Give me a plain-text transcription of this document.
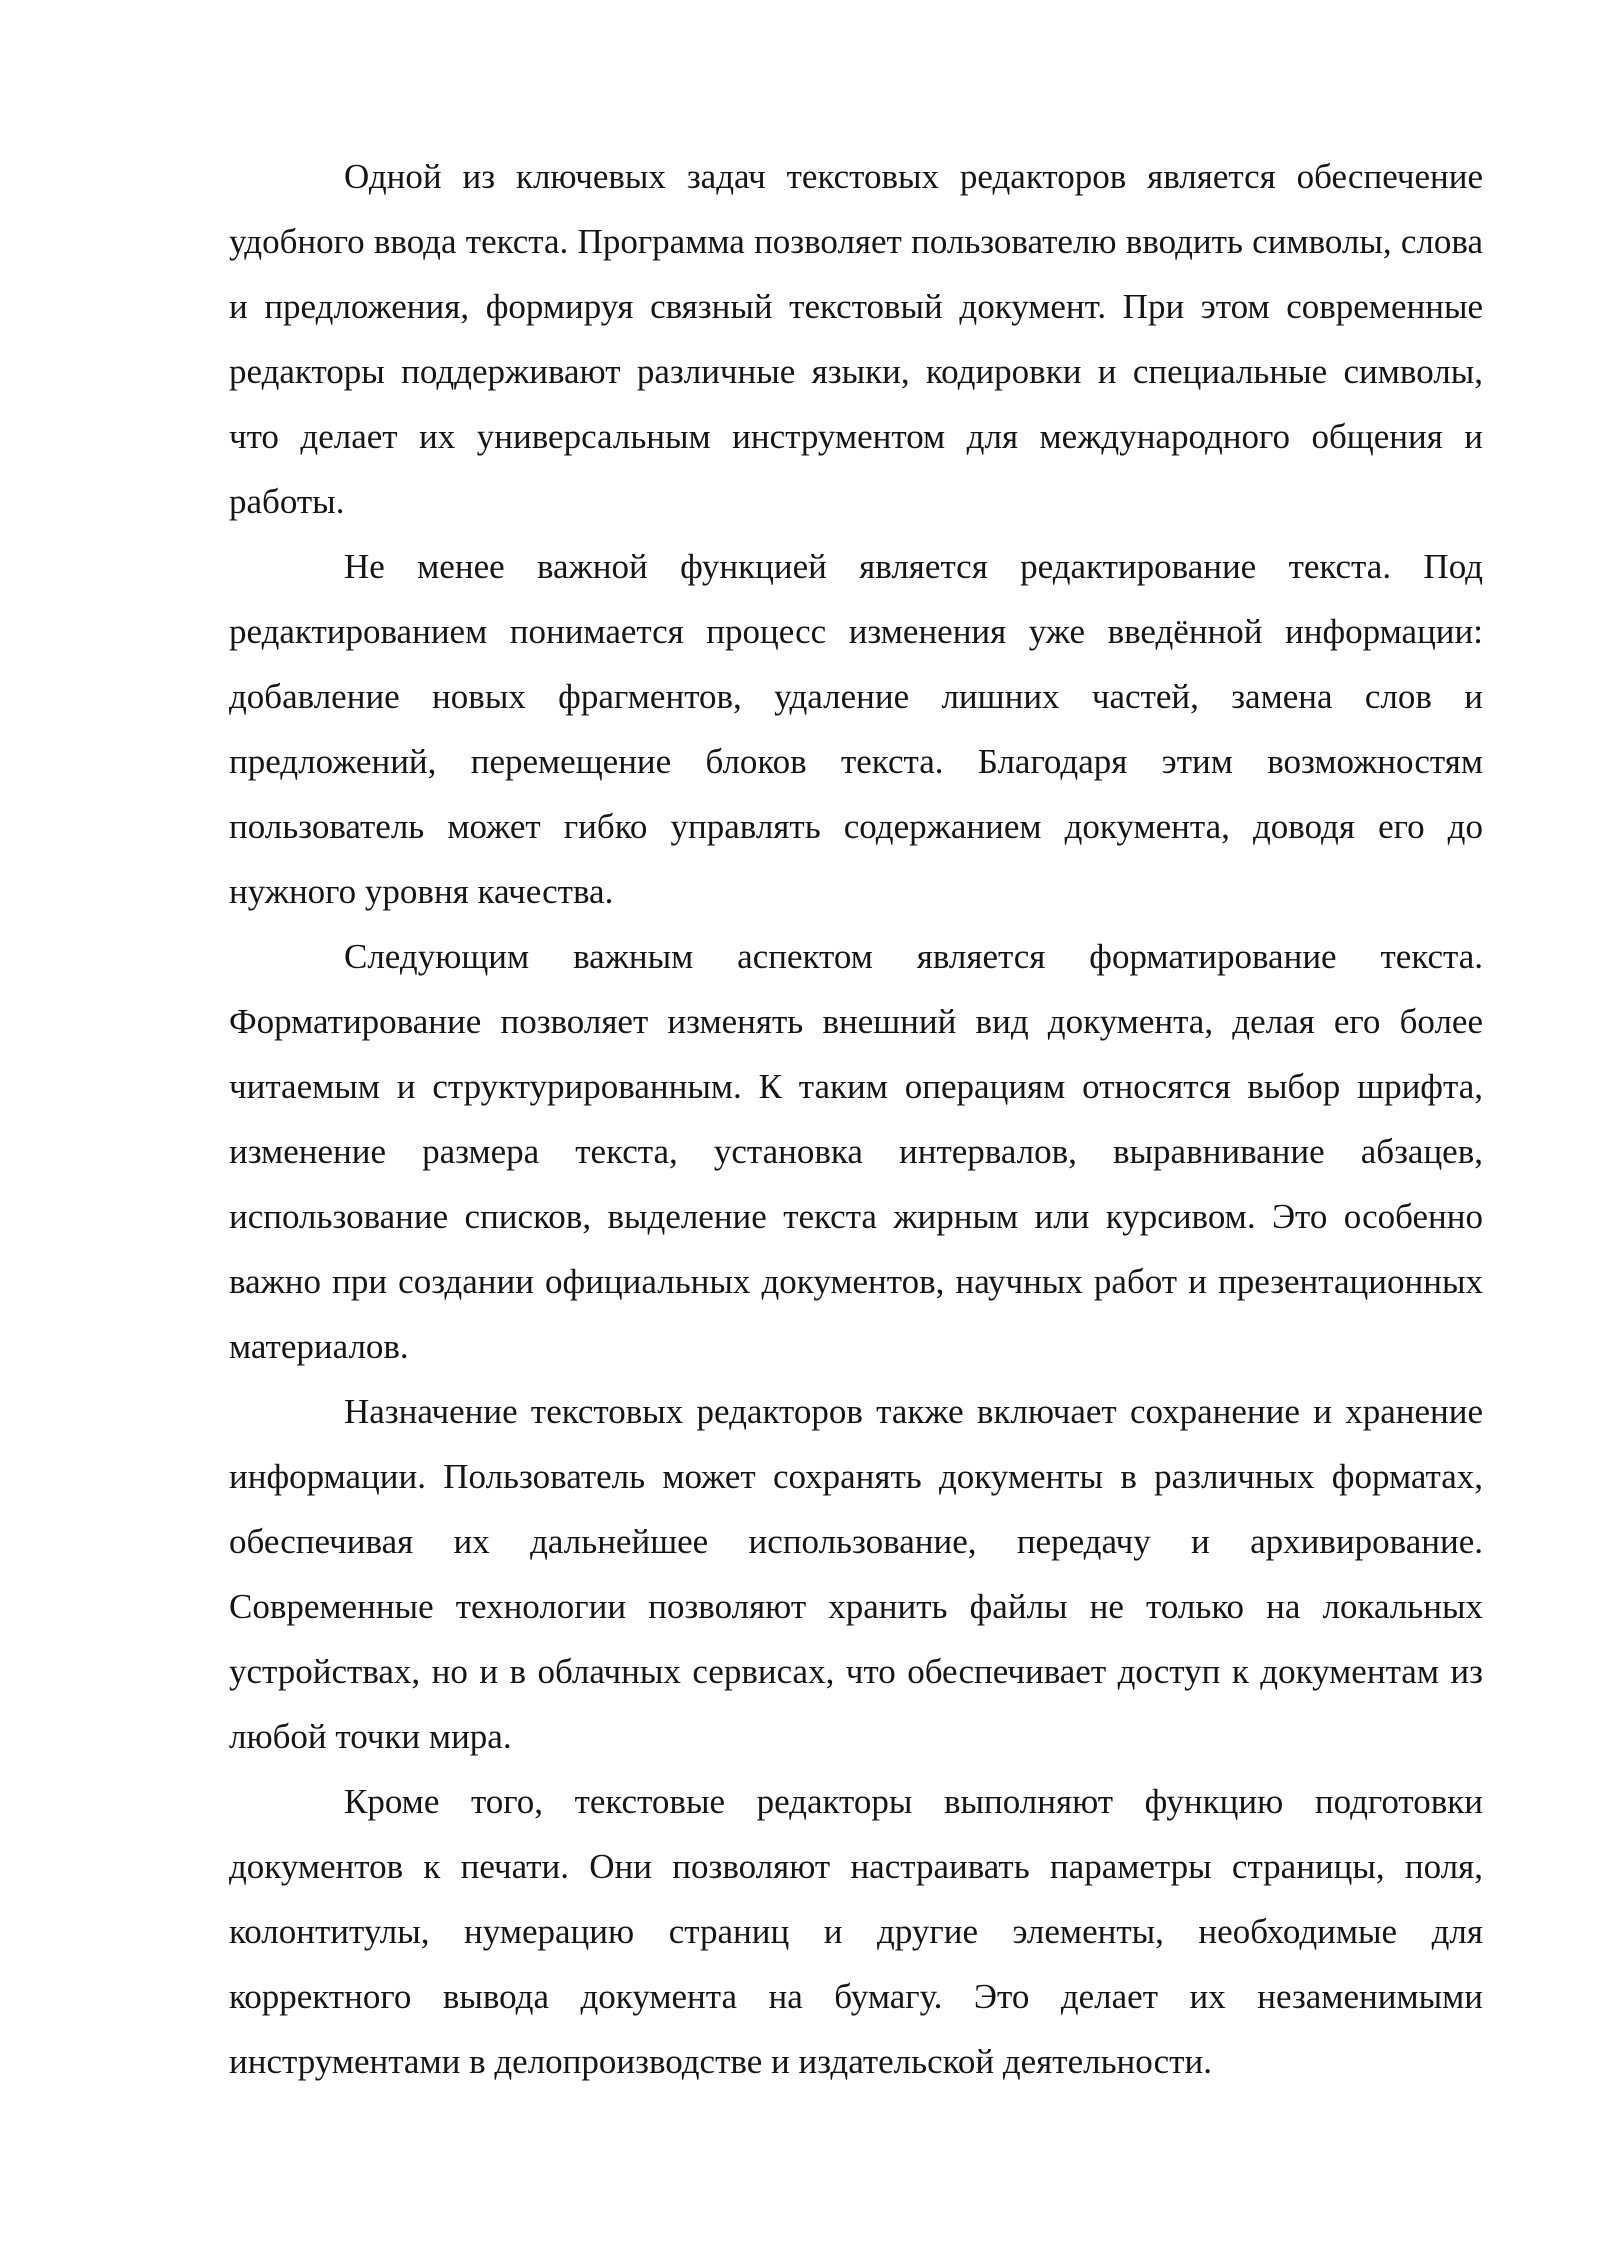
Одной из ключевых задач текстовых редакторов является обеспечение удобного ввода текста. Программа позволяет пользователю вводить символы, слова и предложения, формируя связный текстовый документ. При этом современные редакторы поддерживают различные языки, кодировки и специальные символы, что делает их универсальным инструментом для международного общения и работы.

Не менее важной функцией является редактирование текста. Под редактированием понимается процесс изменения уже введённой информации: добавление новых фрагментов, удаление лишних частей, замена слов и предложений, перемещение блоков текста. Благодаря этим возможностям пользователь может гибко управлять содержанием документа, доводя его до нужного уровня качества.

Следующим важным аспектом является форматирование текста. Форматирование позволяет изменять внешний вид документа, делая его более читаемым и структурированным. К таким операциям относятся выбор шрифта, изменение размера текста, установка интервалов, выравнивание абзацев, использование списков, выделение текста жирным или курсивом. Это особенно важно при создании официальных документов, научных работ и презентационных материалов.

Назначение текстовых редакторов также включает сохранение и хранение информации. Пользователь может сохранять документы в различных форматах, обеспечивая их дальнейшее использование, передачу и архивирование. Современные технологии позволяют хранить файлы не только на локальных устройствах, но и в облачных сервисах, что обеспечивает доступ к документам из любой точки мира.

Кроме того, текстовые редакторы выполняют функцию подготовки документов к печати. Они позволяют настраивать параметры страницы, поля, колонтитулы, нумерацию страниц и другие элементы, необходимые для корректного вывода документа на бумагу. Это делает их незаменимыми инструментами в делопроизводстве и издательской деятельности.
